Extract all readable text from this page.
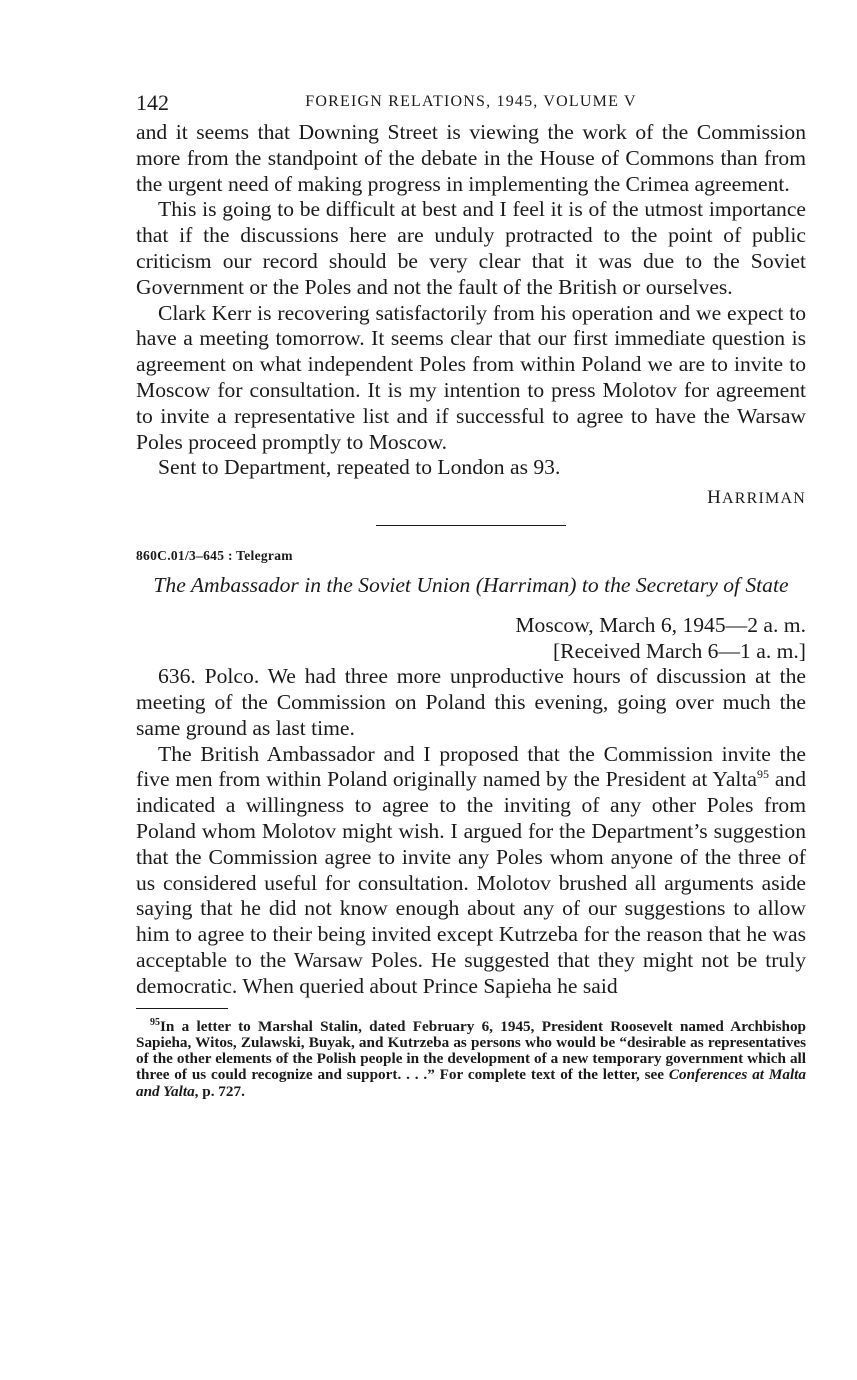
142	FOREIGN RELATIONS, 1945, VOLUME V

and it seems that Downing Street is viewing the work of the Commission more from the standpoint of the debate in the House of Commons than from the urgent need of making progress in implementing the Crimea agreement.

This is going to be difficult at best and I feel it is of the utmost importance that if the discussions here are unduly protracted to the point of public criticism our record should be very clear that it was due to the Soviet Government or the Poles and not the fault of the British or ourselves.

Clark Kerr is recovering satisfactorily from his operation and we expect to have a meeting tomorrow. It seems clear that our first immediate question is agreement on what independent Poles from within Poland we are to invite to Moscow for consultation. It is my intention to press Molotov for agreement to invite a representative list and if successful to agree to have the Warsaw Poles proceed promptly to Moscow.

Sent to Department, repeated to London as 93.

HARRIMAN
860C.01/3–645 : Telegram
The Ambassador in the Soviet Union (Harriman) to the Secretary of State
Moscow, March 6, 1945—2 a. m.
[Received March 6—1 a. m.]

636. Polco. We had three more unproductive hours of discussion at the meeting of the Commission on Poland this evening, going over much the same ground as last time.

The British Ambassador and I proposed that the Commission invite the five men from within Poland originally named by the President at Yalta$^{95}$ and indicated a willingness to agree to the inviting of any other Poles from Poland whom Molotov might wish. I argued for the Department’s suggestion that the Commission agree to invite any Poles whom anyone of the three of us considered useful for consultation. Molotov brushed all arguments aside saying that he did not know enough about any of our suggestions to allow him to agree to their being invited except Kutrzeba for the reason that he was acceptable to the Warsaw Poles. He suggested that they might not be truly democratic. When queried about Prince Sapieha he said

$^{95}$In a letter to Marshal Stalin, dated February 6, 1945, President Roosevelt named Archbishop Sapieha, Witos, Zulawski, Buyak, and Kutrzeba as persons who would be “desirable as representatives of the other elements of the Polish people in the development of a new temporary government which all three of us could recognize and support. . . .” For complete text of the letter, see Conferences at Malta and Yalta, p. 727.
